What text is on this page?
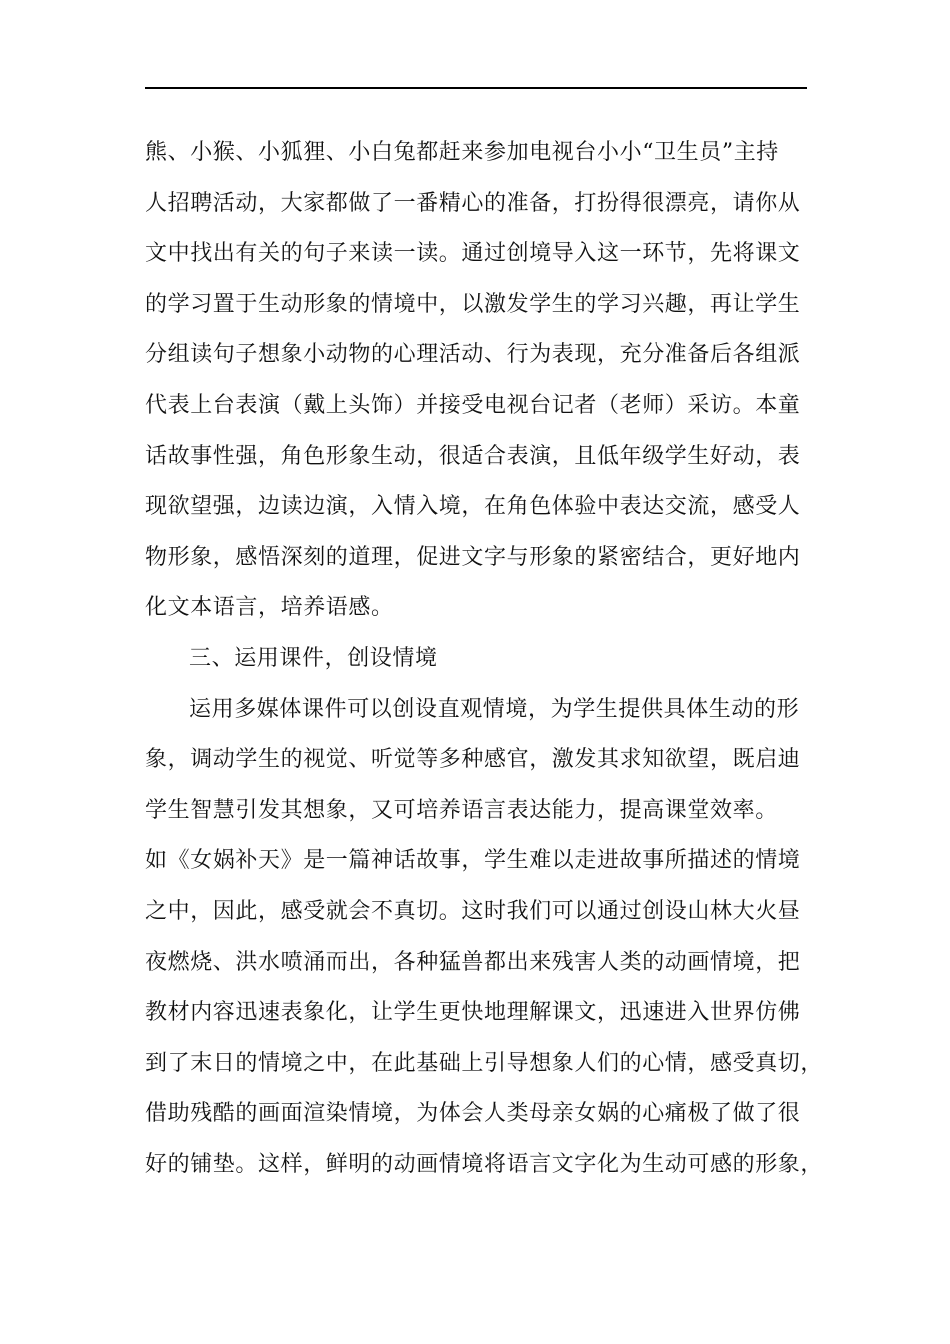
熊、小猴、小狐狸、小白兔都赶来参加电视台小小“卫生员”主持
人招聘活动，大家都做了一番精心的准备，打扮得很漂亮，请你从
文中找出有关的句子来读一读。通过创境导入这一环节，先将课文
的学习置于生动形象的情境中，以激发学生的学习兴趣，再让学生
分组读句子想象小动物的心理活动、行为表现，充分准备后各组派
代表上台表演（戴上头饰）并接受电视台记者（老师）采访。本童
话故事性强，角色形象生动，很适合表演，且低年级学生好动，表
现欲望强，边读边演，入情入境，在角色体验中表达交流，感受人
物形象，感悟深刻的道理，促进文字与形象的紧密结合，更好地内
化文本语言，培养语感。
三、运用课件，创设情境
运用多媒体课件可以创设直观情境，为学生提供具体生动的形
象，调动学生的视觉、听觉等多种感官，激发其求知欲望，既启迪
学生智慧引发其想象，又可培养语言表达能力，提高课堂效率。
如《女娲补天》是一篇神话故事，学生难以走进故事所描述的情境
之中，因此，感受就会不真切。这时我们可以通过创设山林大火昼
夜燃烧、洪水喷涌而出，各种猛兽都出来残害人类的动画情境，把
教材内容迅速表象化，让学生更快地理解课文，迅速进入世界仿佛
到了末日的情境之中，在此基础上引导想象人们的心情，感受真切，
借助残酷的画面渲染情境，为体会人类母亲女娲的心痛极了做了很
好的铺垫。这样，鲜明的动画情境将语言文字化为生动可感的形象，
